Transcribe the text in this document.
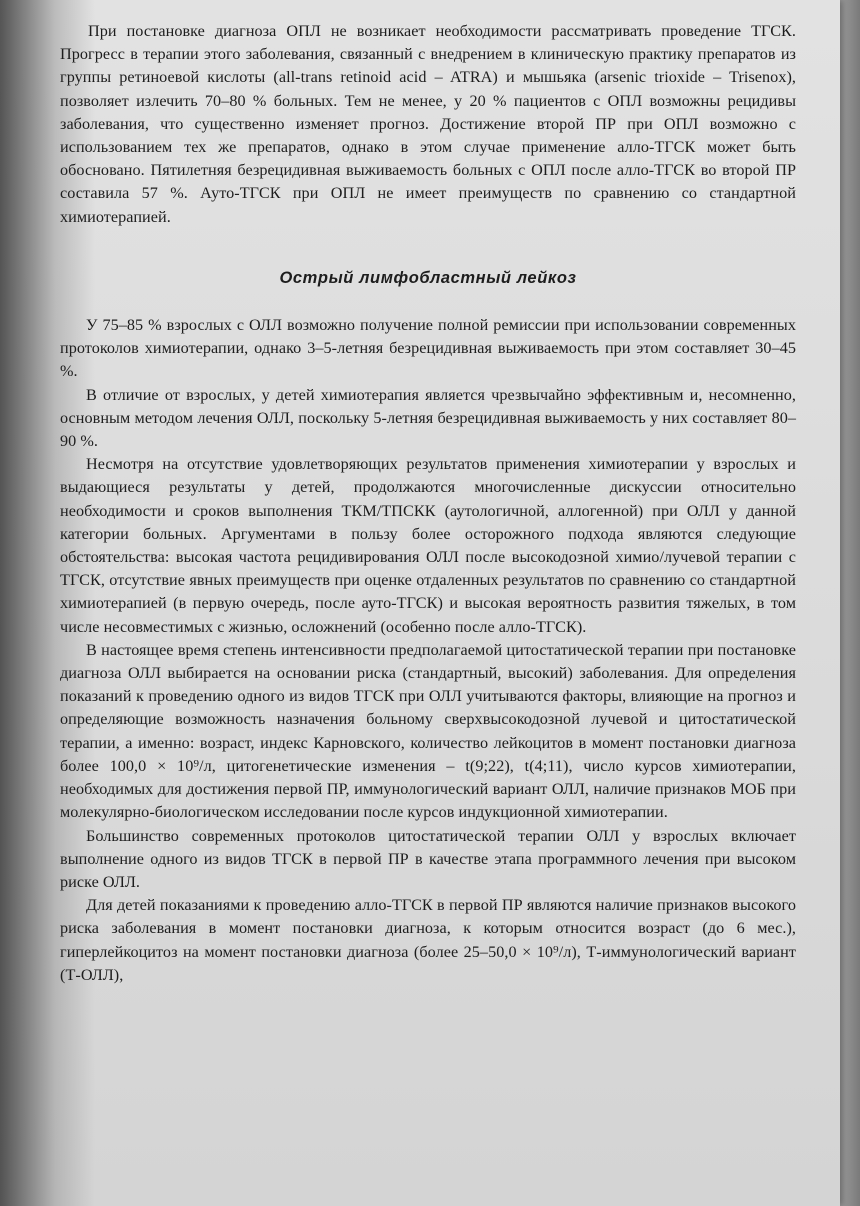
При постановке диагноза ОПЛ не возникает необходимости рассматривать проведение ТГСК. Прогресс в терапии этого заболевания, связанный с внедрением в клиническую практику препаратов из группы ретиноевой кислоты (all-trans retinoid acid – ATRA) и мышьяка (arsenic trioxide – Trisenox), позволяет излечить 70–80 % больных. Тем не менее, у 20 % пациентов с ОПЛ возможны рецидивы заболевания, что существенно изменяет прогноз. Достижение второй ПР при ОПЛ возможно с использованием тех же препаратов, однако в этом случае применение алло-ТГСК может быть обосновано. Пятилетняя безрецидивная выживаемость больных с ОПЛ после алло-ТГСК во второй ПР составила 57 %. Ауто-ТГСК при ОПЛ не имеет преимуществ по сравнению со стандартной химиотерапией.

Острый лимфобластный лейкоз

У 75–85 % взрослых с ОЛЛ возможно получение полной ремиссии при использовании современных протоколов химиотерапии, однако 3–5-летняя безрецидивная выживаемость при этом составляет 30–45 %.

В отличие от взрослых, у детей химиотерапия является чрезвычайно эффективным и, несомненно, основным методом лечения ОЛЛ, поскольку 5-летняя безрецидивная выживаемость у них составляет 80–90 %.

Несмотря на отсутствие удовлетворяющих результатов применения химиотерапии у взрослых и выдающиеся результаты у детей, продолжаются многочисленные дискуссии относительно необходимости и сроков выполнения ТКМ/ТПСКК (аутологичной, аллогенной) при ОЛЛ у данной категории больных. Аргументами в пользу более осторожного подхода являются следующие обстоятельства: высокая частота рецидивирования ОЛЛ после высокодозной химио/лучевой терапии с ТГСК, отсутствие явных преимуществ при оценке отдаленных результатов по сравнению со стандартной химиотерапией (в первую очередь, после ауто-ТГСК) и высокая вероятность развития тяжелых, в том числе несовместимых с жизнью, осложнений (особенно после алло-ТГСК).

В настоящее время степень интенсивности предполагаемой цитостатической терапии при постановке диагноза ОЛЛ выбирается на основании риска (стандартный, высокий) заболевания. Для определения показаний к проведению одного из видов ТГСК при ОЛЛ учитываются факторы, влияющие на прогноз и определяющие возможность назначения больному сверхвысокодозной лучевой и цитостатической терапии, а именно: возраст, индекс Карновского, количество лейкоцитов в момент постановки диагноза более 100,0 × 10⁹/л, цитогенетические изменения – t(9;22), t(4;11), число курсов химиотерапии, необходимых для достижения первой ПР, иммунологический вариант ОЛЛ, наличие признаков МОБ при молекулярно-биологическом исследовании после курсов индукционной химиотерапии.

Большинство современных протоколов цитостатической терапии ОЛЛ у взрослых включает выполнение одного из видов ТГСК в первой ПР в качестве этапа программного лечения при высоком риске ОЛЛ.

Для детей показаниями к проведению алло-ТГСК в первой ПР являются наличие признаков высокого риска заболевания в момент постановки диагноза, к которым относится возраст (до 6 мес.), гиперлейкоцитоз на момент постановки диагноза (более 25–50,0 × 10⁹/л), Т-иммунологический вариант (Т-ОЛЛ),
